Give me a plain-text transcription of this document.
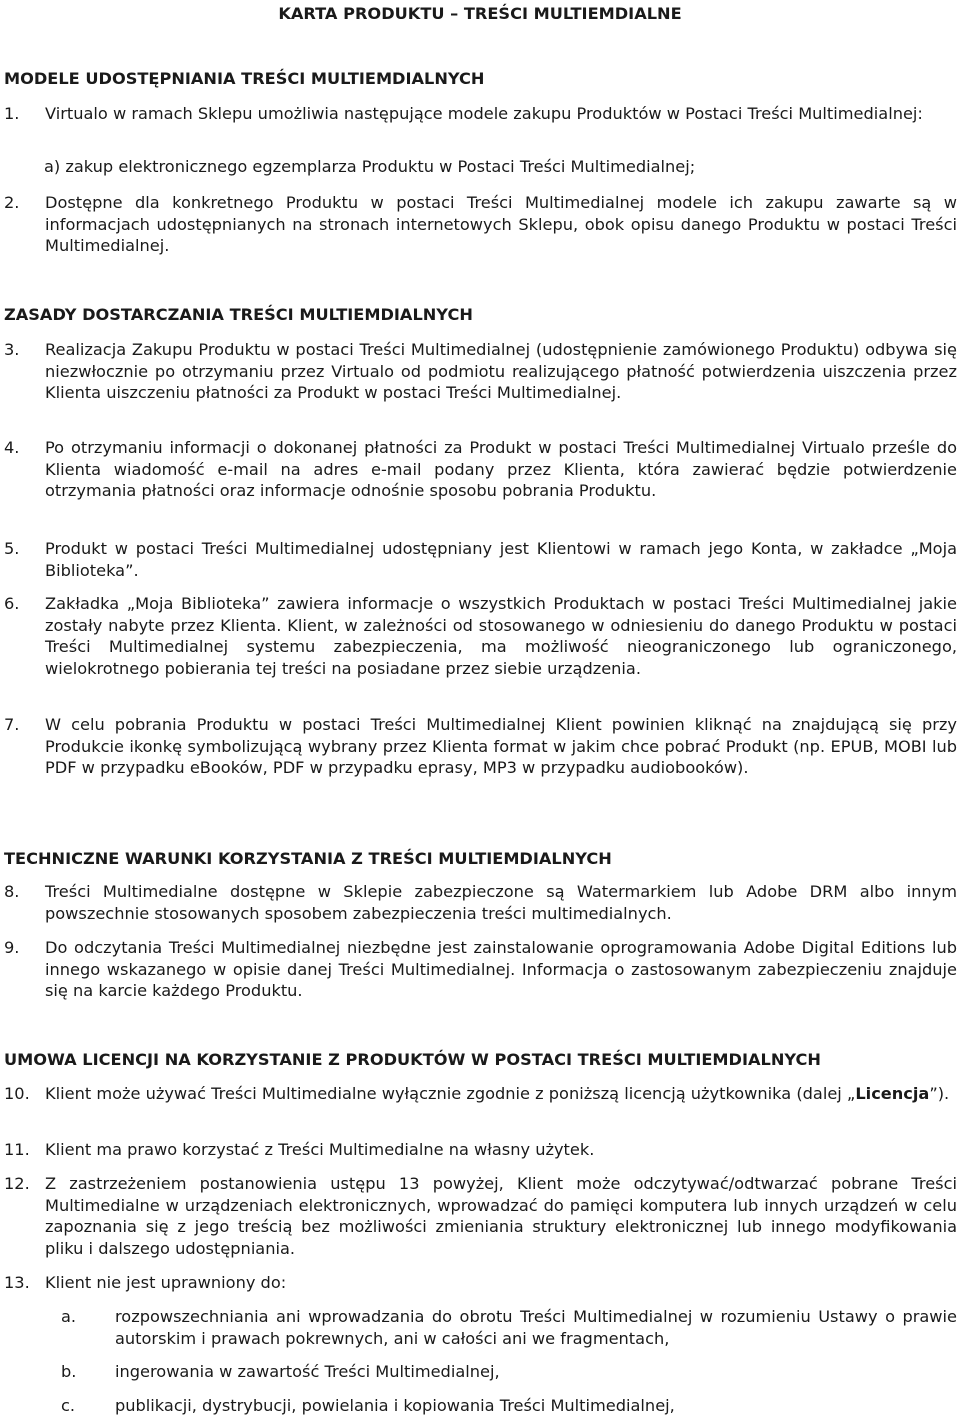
KARTA PRODUKTU – TREŚCI MULTIEMDIALNE
MODELE UDOSTĘPNIANIA TREŚCI MULTIEMDIALNYCH
1. Virtualo w ramach Sklepu umożliwia następujące modele zakupu Produktów w Postaci Treści Multimedialnej:
a) zakup elektronicznego egzemplarza Produktu w Postaci Treści Multimedialnej;
2. Dostępne dla konkretnego Produktu w postaci Treści Multimedialnej modele ich zakupu zawarte są w informacjach udostępnianych na stronach internetowych Sklepu, obok opisu danego Produktu w postaci Treści Multimedialnej.
ZASADY DOSTARCZANIA TREŚCI MULTIEMDIALNYCH
3. Realizacja Zakupu Produktu w postaci Treści Multimedialnej (udostępnienie zamówionego Produktu) odbywa się niezwłocznie po otrzymaniu przez Virtualo od podmiotu realizującego płatność potwierdzenia uiszczenia przez Klienta uiszczeniu płatności za Produkt w postaci Treści Multimedialnej.
4. Po otrzymaniu informacji o dokonanej płatności za Produkt w postaci Treści Multimedialnej Virtualo prześle do Klienta wiadomość e-mail na adres e-mail podany przez Klienta, która zawierać będzie potwierdzenie otrzymania płatności oraz informacje odnośnie sposobu pobrania Produktu.
5. Produkt w postaci Treści Multimedialnej udostępniany jest Klientowi w ramach jego Konta, w zakładce „Moja Biblioteka”.
6. Zakładka „Moja Biblioteka” zawiera informacje o wszystkich Produktach w postaci Treści Multimedialnej jakie zostały nabyte przez Klienta. Klient, w zależności od stosowanego w odniesieniu do danego Produktu w postaci Treści Multimedialnej systemu zabezpieczenia, ma możliwość nieograniczonego lub ograniczonego, wielokrotnego pobierania tej treści na posiadane przez siebie urządzenia.
7. W celu pobrania Produktu w postaci Treści Multimedialnej Klient powinien kliknąć na znajdującą się przy Produkcie ikonkę symbolizującą wybrany przez Klienta format w jakim chce pobrać Produkt (np. EPUB, MOBI lub PDF w przypadku eBooków, PDF w przypadku eprasy, MP3 w przypadku audiobooków).
TECHNICZNE WARUNKI KORZYSTANIA Z TREŚCI MULTIEMDIALNYCH
8. Treści Multimedialne dostępne w Sklepie zabezpieczone są Watermarkiem lub Adobe DRM albo innym powszechnie stosowanych sposobem zabezpieczenia treści multimedialnych.
9. Do odczytania Treści Multimedialnej niezbędne jest zainstalowanie oprogramowania Adobe Digital Editions lub innego wskazanego w opisie danej Treści Multimedialnej. Informacja o zastosowanym zabezpieczeniu znajduje się na karcie każdego Produktu.
UMOWA LICENCJI NA KORZYSTANIE Z PRODUKTÓW W POSTACI TREŚCI MULTIEMDIALNYCH
10. Klient może używać Treści Multimedialne wyłącznie zgodnie z poniższą licencją użytkownika (dalej „Licencja”).
11. Klient ma prawo korzystać z Treści Multimedialne na własny użytek.
12. Z zastrzeżeniem postanowienia ustępu 13 powyżej, Klient może odczytywać/odtwarzać pobrane Treści Multimedialne w urządzeniach elektronicznych, wprowadzać do pamięci komputera lub innych urządzeń w celu zapoznania się z jego treścią bez możliwości zmieniania struktury elektronicznej lub innego modyfikowania pliku i dalszego udostępniania.
13. Klient nie jest uprawniony do:
a. rozpowszechniania ani wprowadzania do obrotu Treści Multimedialnej w rozumieniu Ustawy o prawie autorskim i prawach pokrewnych, ani w całości ani we fragmentach,
b. ingerowania w zawartość Treści Multimedialnej,
c. publikacji, dystrybucji, powielania i kopiowania Treści Multimedialnej,
